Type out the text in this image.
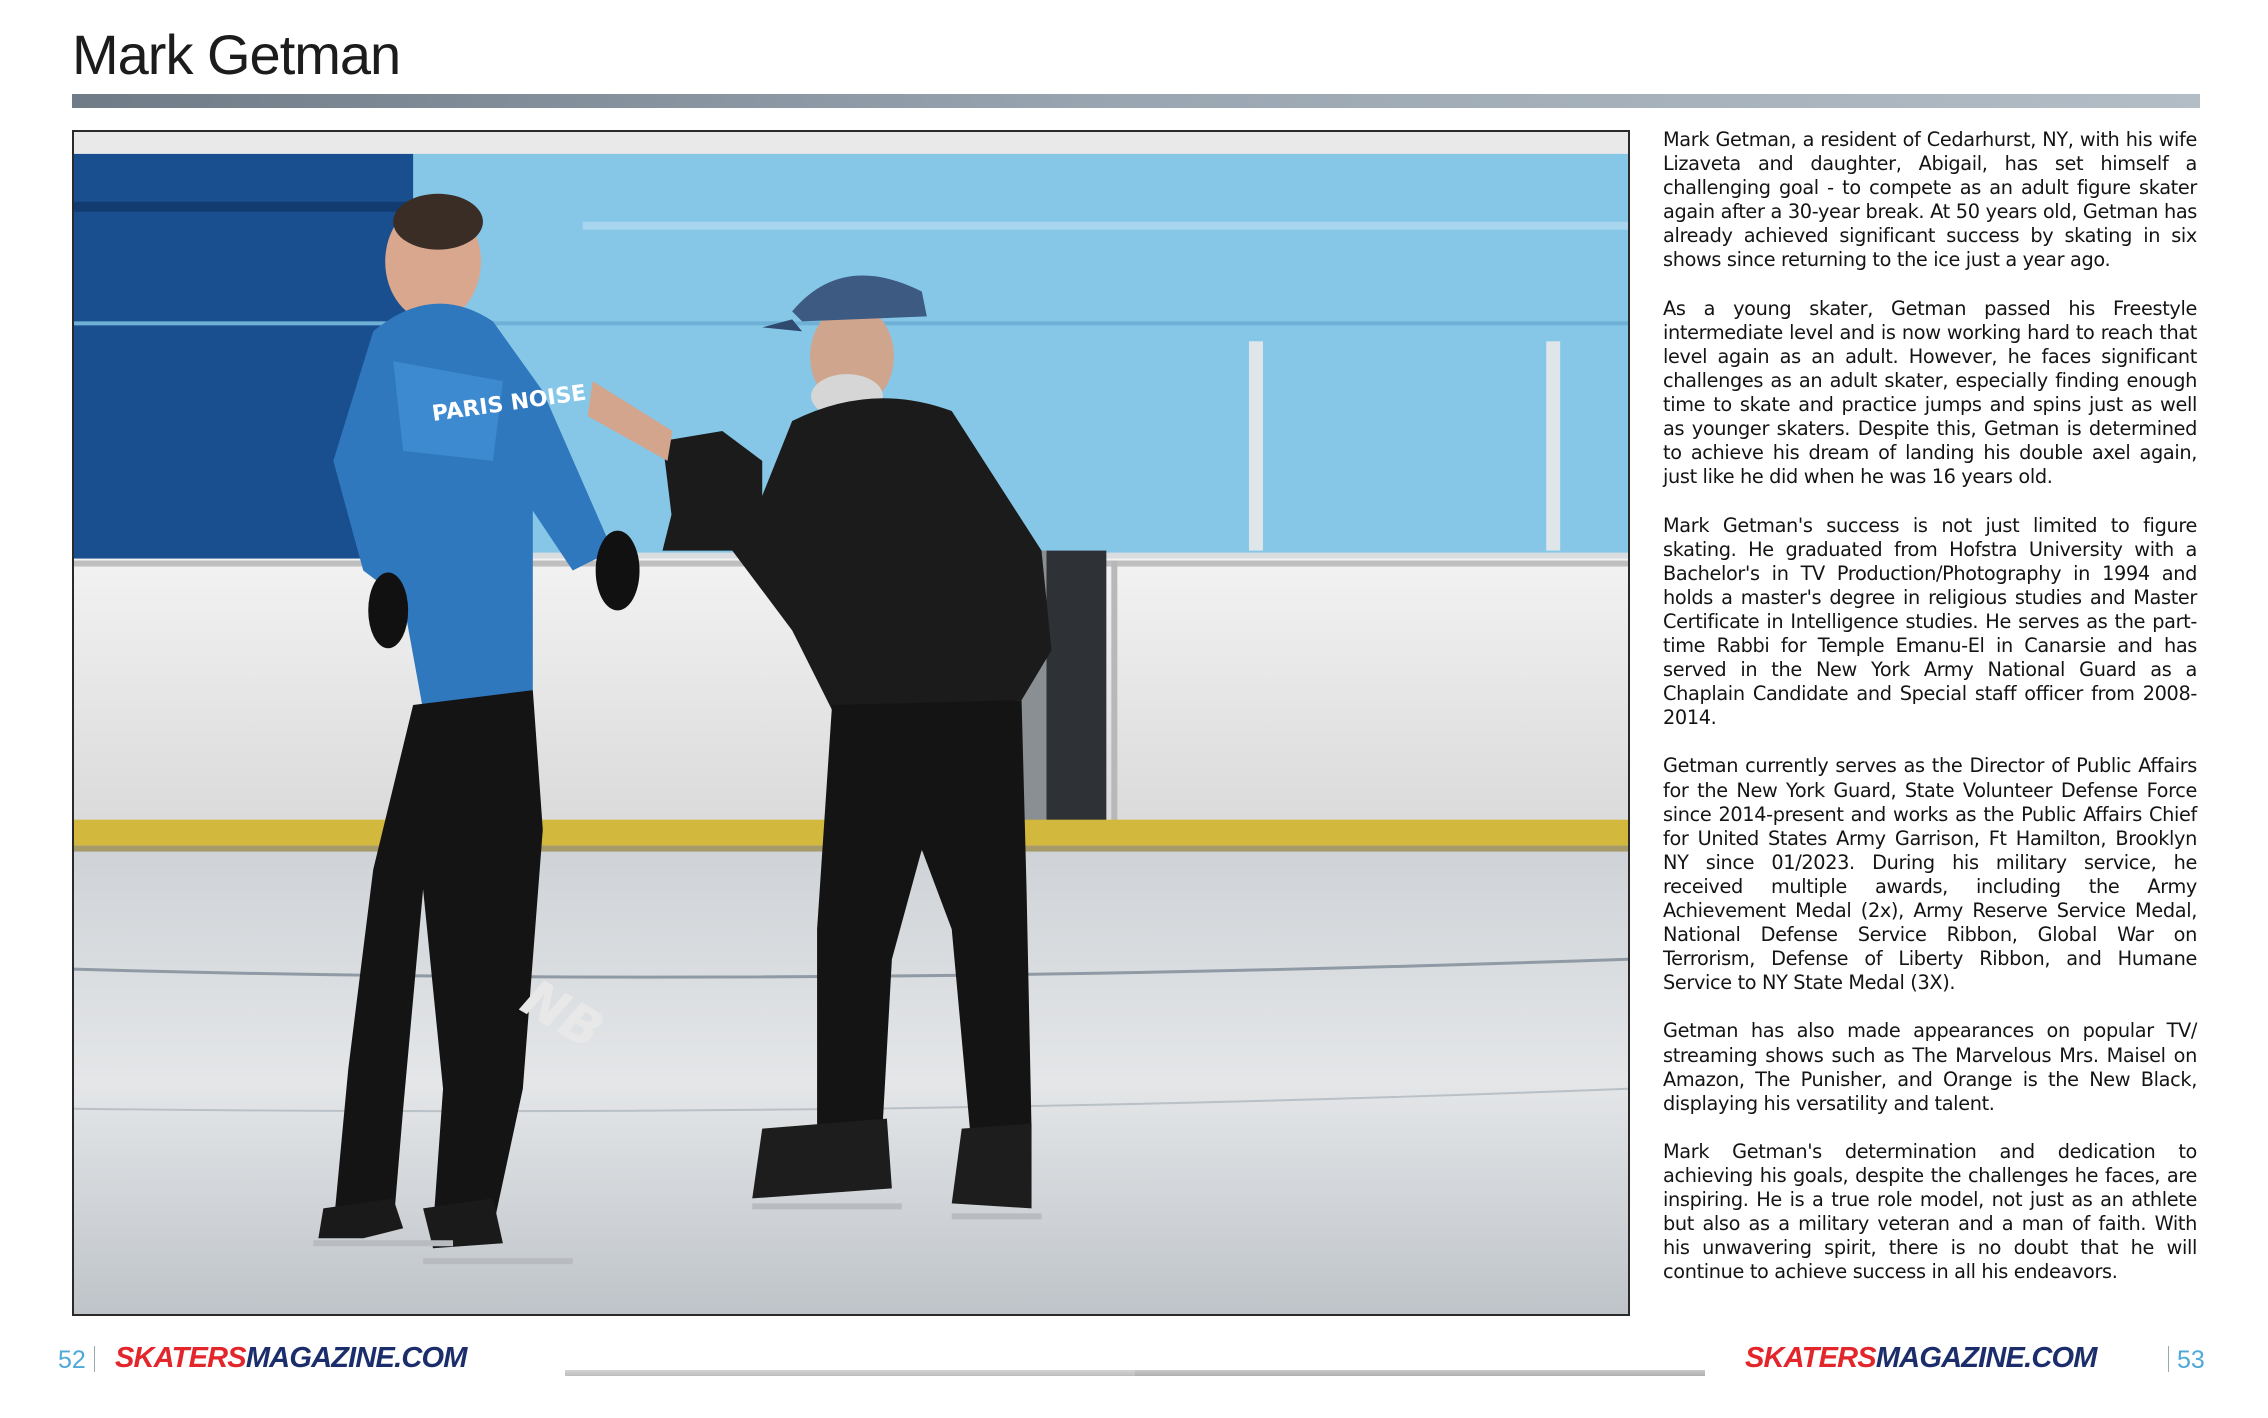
Mark Getman
PARIS NOISE
NB

Mark Getman, a resident of Cedarhurst, NY, with his wife Lizaveta and daughter, Abigail, has set himself a challenging goal - to compete as an adult figure skater again after a 30-year break. At 50 years old, Getman has already achieved significant success by skating in six shows since returning to the ice just a year ago.

As a young skater, Getman passed his Freestyle intermediate level and is now working hard to reach that level again as an adult. However, he faces significant challenges as an adult skater, especially finding enough time to skate and practice jumps and spins just as well as younger skaters. Despite this, Getman is determined to achieve his dream of landing his double axel again, just like he did when he was 16 years old.

Mark Getman's success is not just limited to figure skating. He graduated from Hofstra University with a Bachelor's in TV Production/Photography in 1994 and holds a master's degree in religious studies and Master Certificate in Intelligence studies. He serves as the part-time Rabbi for Temple Emanu-El in Canarsie and has served in the New York Army National Guard as a Chaplain Candidate and Special staff officer from 2008-2014.

Getman currently serves as the Director of Public Affairs for the New York Guard, State Volunteer Defense Force since 2014-present and works as the Public Affairs Chief for United States Army Garrison, Ft Hamilton, Brooklyn NY since 01/2023. During his military service, he received multiple awards, including the Army Achievement Medal (2x), Army Reserve Service Medal, National Defense Service Ribbon, Global War on Terrorism, Defense of Liberty Ribbon, and Humane Service to NY State Medal (3X).

Getman has also made appearances on popular TV/ streaming shows such as The Marvelous Mrs. Maisel on Amazon, The Punisher, and Orange is the New Black, displaying his versatility and talent.

Mark Getman's determination and dedication to achieving his goals, despite the challenges he faces, are inspiring. He is a true role model, not just as an athlete but also as a military veteran and a man of faith. With his unwavering spirit, there is no doubt that he will continue to achieve success in all his endeavors.

52	SKATERSMAGAZINE.COM	SKATERSMAGAZINE.COM	53
